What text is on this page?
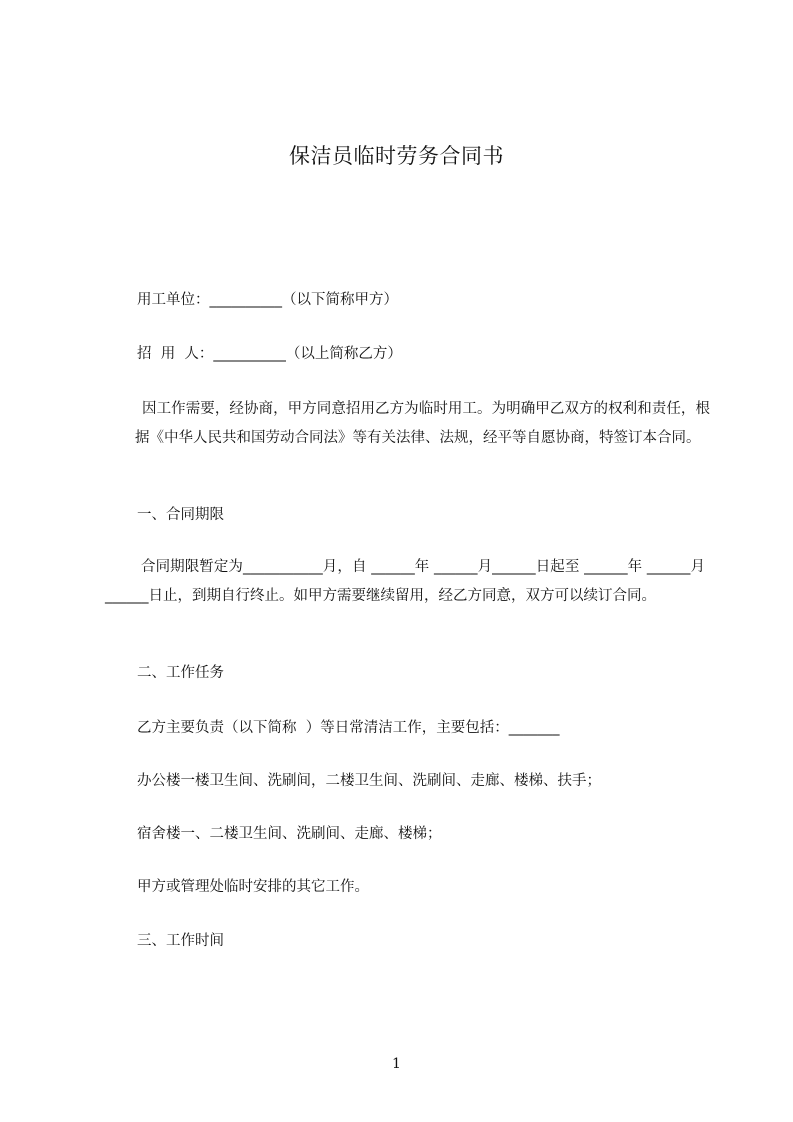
保洁员临时劳务合同书
用工单位：__________（以下简称甲方）
招  用  人：__________（以上简称乙方）
因工作需要，经协商，甲方同意招用乙方为临时用工。为明确甲乙双方的权利和责任，根据《中华人民共和国劳动合同法》等有关法律、法规，经平等自愿协商，特签订本合同。
一、合同期限
合同期限暂定为___________月，自 ______年 ______月______日起至 ______年 ______月______日止，到期自行终止。如甲方需要继续留用，经乙方同意，双方可以续订合同。
二、工作任务
乙方主要负责（以下简称  ）等日常清洁工作，主要包括：_______
办公楼一楼卫生间、洗刷间，二楼卫生间、洗刷间、走廊、楼梯、扶手；
宿舍楼一、二楼卫生间、洗刷间、走廊、楼梯；
甲方或管理处临时安排的其它工作。
三、工作时间
1
